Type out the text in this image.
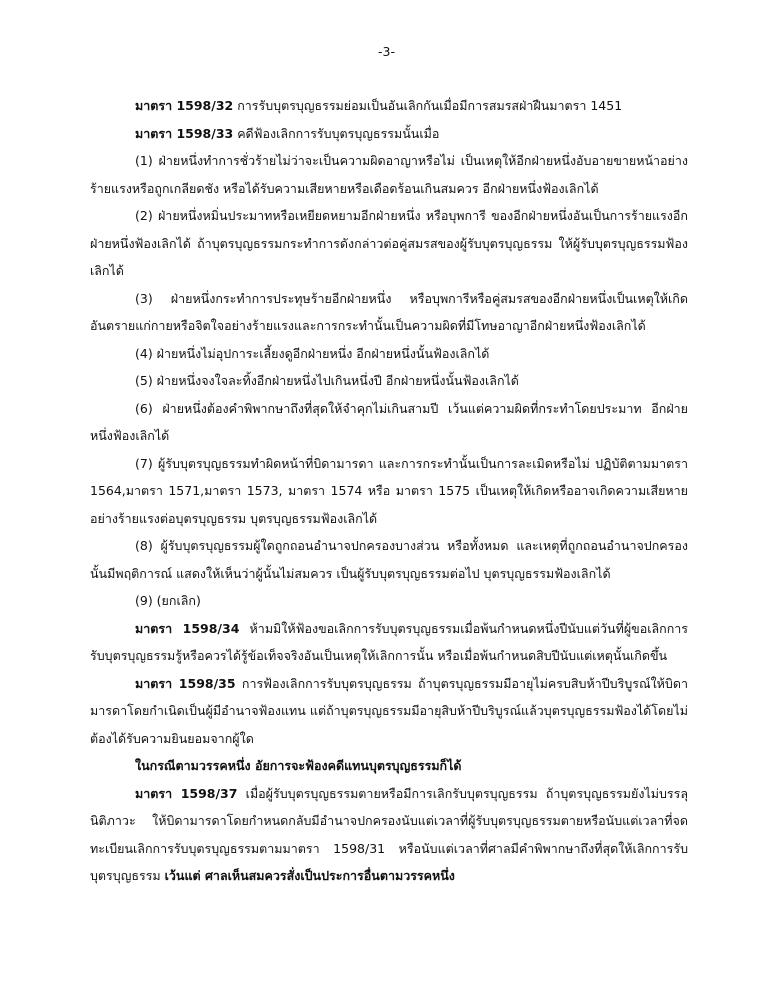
-3-

มาตรา 1598/32 การรับบุตรบุญธรรมย่อมเป็นอันเลิกกันเมื่อมีการสมรสฝ่าฝืนมาตรา 1451

มาตรา 1598/33 คดีฟ้องเลิกการรับบุตรบุญธรรมนั้นเมื่อ

(1) ฝ่ายหนึ่งทำการชั่วร้ายไม่ว่าจะเป็นความผิดอาญาหรือไม่ เป็นเหตุให้อีกฝ่ายหนึ่งอับอายขายหน้าอย่างร้ายแรงหรือถูกเกลียดชัง หรือได้รับความเสียหายหรือเดือดร้อนเกินสมควร อีกฝ่ายหนึ่งฟ้องเลิกได้

(2) ฝ่ายหนึ่งหมิ่นประมาทหรือเหยียดหยามอีกฝ่ายหนึ่ง หรือบุพการี ของอีกฝ่ายหนึ่งอันเป็นการร้ายแรงอีกฝ่ายหนึ่งฟ้องเลิกได้ ถ้าบุตรบุญธรรมกระทำการดังกล่าวต่อคู่สมรสของผู้รับบุตรบุญธรรม ให้ผู้รับบุตรบุญธรรมฟ้องเลิกได้

(3) ฝ่ายหนึ่งกระทำการประทุษร้ายอีกฝ่ายหนึ่ง หรือบุพการีหรือคู่สมรสของอีกฝ่ายหนึ่งเป็นเหตุให้เกิดอันตรายแก่กายหรือจิตใจอย่างร้ายแรงและการกระทำนั้นเป็นความผิดที่มีโทษอาญาอีกฝ่ายหนึ่งฟ้องเลิกได้

(4) ฝ่ายหนึ่งไม่อุปการะเลี้ยงดูอีกฝ่ายหนึ่ง อีกฝ่ายหนึ่งนั้นฟ้องเลิกได้

(5) ฝ่ายหนึ่งจงใจละทิ้งอีกฝ่ายหนึ่งไปเกินหนึ่งปี อีกฝ่ายหนึ่งนั้นฟ้องเลิกได้

(6) ฝ่ายหนึ่งต้องคำพิพากษาถึงที่สุดให้จำคุกไม่เกินสามปี เว้นแต่ความผิดที่กระทำโดยประมาท อีกฝ่ายหนึ่งฟ้องเลิกได้

(7) ผู้รับบุตรบุญธรรมทำผิดหน้าที่บิดามารดา และการกระทำนั้นเป็นการละเมิดหรือไม่ ปฏิบัติตามมาตรา 1564,มาตรา 1571,มาตรา 1573, มาตรา 1574 หรือ มาตรา 1575 เป็นเหตุให้เกิดหรืออาจเกิดความเสียหายอย่างร้ายแรงต่อบุตรบุญธรรม บุตรบุญธรรมฟ้องเลิกได้

(8) ผู้รับบุตรบุญธรรมผู้ใดถูกถอนอำนาจปกครองบางส่วน หรือทั้งหมด และเหตุที่ถูกถอนอำนาจปกครองนั้นมีพฤติการณ์ แสดงให้เห็นว่าผู้นั้นไม่สมควร เป็นผู้รับบุตรบุญธรรมต่อไป บุตรบุญธรรมฟ้องเลิกได้

(9) (ยกเลิก)

มาตรา 1598/34 ห้ามมิให้ฟ้องขอเลิกการรับบุตรบุญธรรมเมื่อพ้นกำหนดหนึ่งปีนับแต่วันที่ผู้ขอเลิกการรับบุตรบุญธรรมรู้หรือควรได้รู้ข้อเท็จจริงอันเป็นเหตุให้เลิกการนั้น หรือเมื่อพ้นกำหนดสิบปีนับแต่เหตุนั้นเกิดขึ้น

มาตรา 1598/35 การฟ้องเลิกการรับบุตรบุญธรรม ถ้าบุตรบุญธรรมมีอายุไม่ครบสิบห้าปีบริบูรณ์ให้บิดามารดาโดยกำเนิดเป็นผู้มีอำนาจฟ้องแทน แต่ถ้าบุตรบุญธรรมมีอายุสิบห้าปีบริบูรณ์แล้วบุตรบุญธรรมฟ้องได้โดยไม่ต้องได้รับความยินยอมจากผู้ใด

ในกรณีตามวรรคหนึ่ง อัยการจะฟ้องคดีแทนบุตรบุญธรรมก็ได้

มาตรา 1598/37 เมื่อผู้รับบุตรบุญธรรมตายหรือมีการเลิกรับบุตรบุญธรรม ถ้าบุตรบุญธรรมยังไม่บรรลุนิติภาวะ ให้บิดามารดาโดยกำหนดกลับมีอำนาจปกครองนับแต่เวลาที่ผู้รับบุตรบุญธรรมตายหรือนับแต่เวลาที่จดทะเบียนเลิกการรับบุตรบุญธรรมตามมาตรา 1598/31 หรือนับแต่เวลาที่ศาลมีคำพิพากษาถึงที่สุดให้เลิกการรับบุตรบุญธรรม เว้นแต่ ศาลเห็นสมควรสั่งเป็นประการอื่นตามวรรคหนึ่ง
